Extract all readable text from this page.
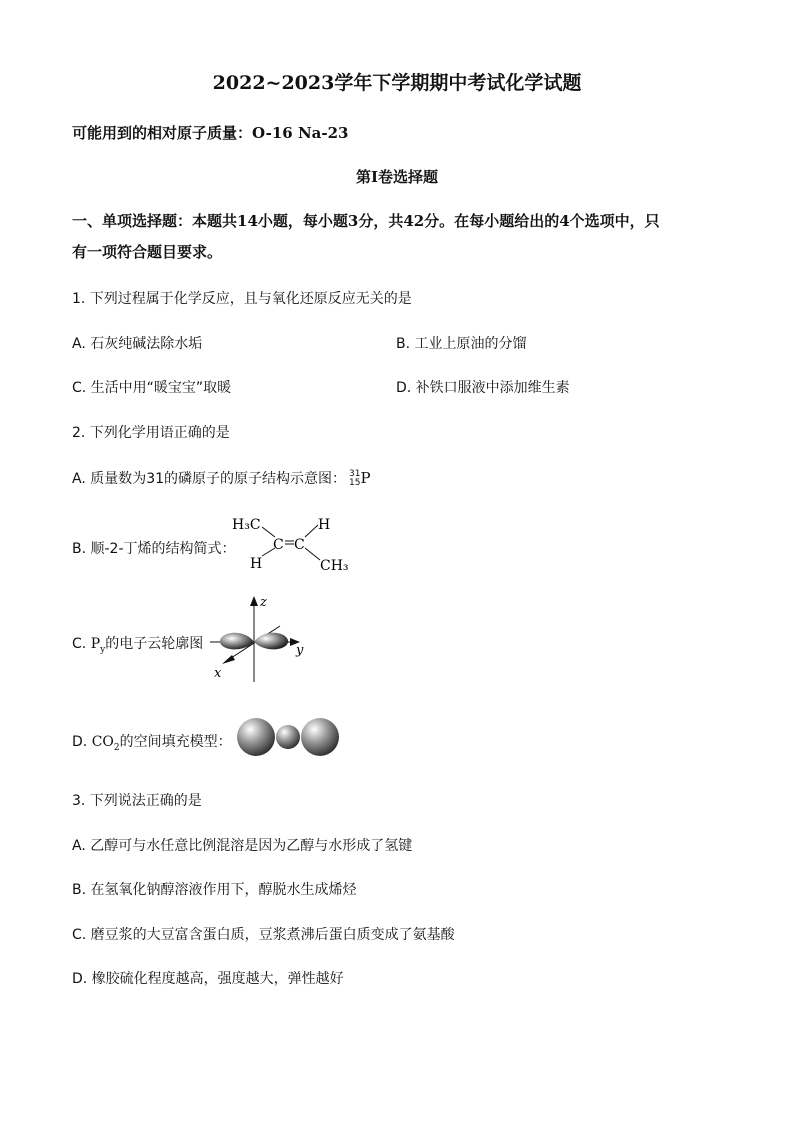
2022~2023学年下学期期中考试化学试题
可能用到的相对原子质量：O-16 Na-23
第Ⅰ卷选择题
一、单项选择题：本题共14小题，每小题3分，共42分。在每小题给出的4个选项中，只
有一项符合题目要求。
1. 下列过程属于化学反应，且与氧化还原反应无关的是
A. 石灰纯碱法除水垢	B. 工业上原油的分馏
C. 生活中用“暖宝宝”取暖	D. 补铁口服液中添加维生素
2. 下列化学用语正确的是
A. 质量数为31的磷原子的原子结构示意图： 31
15 P
B. 顺-2-丁烯的结构简式：
H₃C	H
H	CH₃
C C
C. $P_y$的电子云轮廓图
z
y
x
D. $CO_2$的空间填充模型：
3. 下列说法正确的是
A. 乙醇可与水任意比例混溶是因为乙醇与水形成了氢键
B. 在氢氧化钠醇溶液作用下，醇脱水生成烯烃
C. 磨豆浆的大豆富含蛋白质，豆浆煮沸后蛋白质变成了氨基酸
D. 橡胶硫化程度越高，强度越大，弹性越好
